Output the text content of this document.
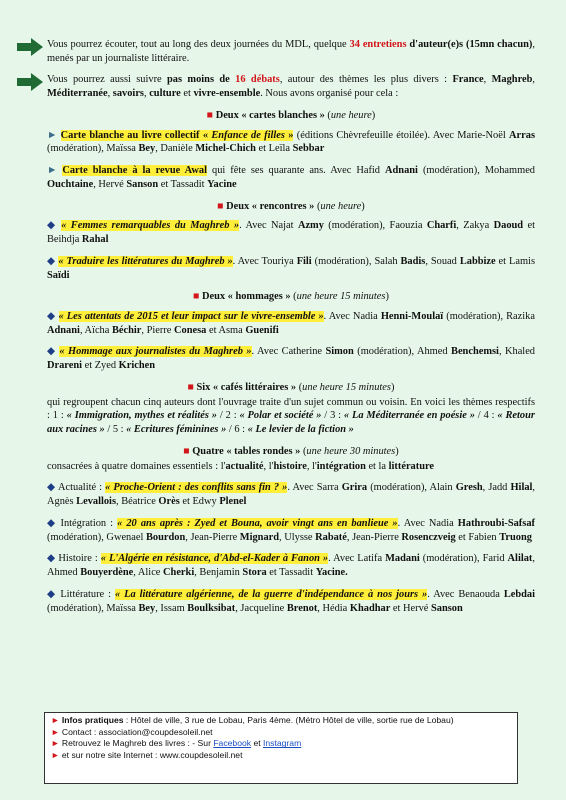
Vous pourrez écouter, tout au long des deux journées du MDL, quelque 34 entretiens d'auteur(e)s (15mn chacun), menés par un journaliste littéraire.

Vous pourrez aussi suivre pas moins de 16 débats, autour des thèmes les plus divers : France, Maghreb, Méditerranée, savoirs, culture et vivre-ensemble. Nous avons organisé pour cela :

■ Deux « cartes blanches » (une heure)

► Carte blanche au livre collectif « Enfance de filles » (éditions Chèvrefeuille étoilée). Avec Marie-Noël Arras (modération), Maïssa Bey, Danièle Michel-Chich et Leïla Sebbar

► Carte blanche à la revue Awal qui fête ses quarante ans. Avec Hafid Adnani (modération), Mohammed Ouchtaine, Hervé Sanson et Tassadit Yacine

■ Deux « rencontres » (une heure)

◆ « Femmes remarquables du Maghreb ». Avec Najat Azmy (modération), Faouzia Charfi, Zakya Daoud et Beihdja Rahal

◆ « Traduire les littératures du Maghreb ». Avec Touriya Fili (modération), Salah Badis, Souad Labbize et Lamis Saïdi

■ Deux « hommages » (une heure 15 minutes)

◆ « Les attentats de 2015 et leur impact sur le vivre-ensemble ». Avec Nadia Henni-Moulaï (modération), Razika Adnani, Aïcha Béchir, Pierre Conesa et Asma Guenifi

◆ « Hommage aux journalistes du Maghreb ». Avec Catherine Simon (modération), Ahmed Benchemsi, Khaled Drareni et Zyed Krichen

■ Six « cafés littéraires » (une heure 15 minutes)

qui regroupent chacun cinq auteurs dont l'ouvrage traite d'un sujet commun ou voisin. En voici les thèmes respectifs : 1 : « Immigration, mythes et réalités » / 2 : « Polar et société » / 3 : « La Méditerranée en poésie » / 4 : « Retour aux racines » / 5 : « Ecritures féminines » / 6 : « Le levier de la fiction »

■ Quatre « tables rondes » (une heure 30 minutes)

consacrées à quatre domaines essentiels : l'actualité, l'histoire, l'intégration et la littérature

◆ Actualité : « Proche-Orient : des conflits sans fin ? ». Avec Sarra Grira (modération), Alain Gresh, Jadd Hilal, Agnès Levallois, Béatrice Orès et Edwy Plenel

◆ Intégration : « 20 ans après : Zyed et Bouna, avoir vingt ans en banlieue ». Avec Nadia Hathroubi-Safsaf (modération), Gwenael Bourdon, Jean-Pierre Mignard, Ulysse Rabaté, Jean-Pierre Rosenczveig et Fabien Truong

◆ Histoire : « L'Algérie en résistance, d'Abd-el-Kader à Fanon ». Avec Latifa Madani (modération), Farid Alilat, Ahmed Bouyerdène, Alice Cherki, Benjamin Stora et Tassadit Yacine.

◆ Littérature : « La littérature algérienne, de la guerre d'indépendance à nos jours ». Avec Benaouda Lebdai (modération), Maïssa Bey, Issam Boulksibat, Jacqueline Brenot, Hédia Khadhar et Hervé Sanson

► Infos pratiques : Hôtel de ville, 3 rue de Lobau, Paris 4ème. (Métro Hôtel de ville, sortie rue de Lobau)
► Contact : association@coupdesoleil.net
► Retrouvez le Maghreb des livres : - Sur Facebook et Instagram
► et sur notre site Internet : www.coupdesoleil.net
